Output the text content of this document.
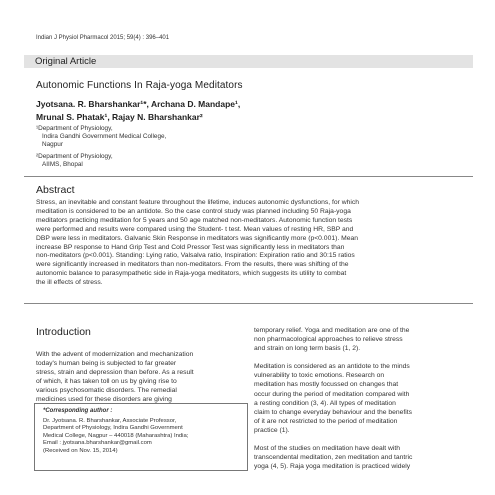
Indian J Physiol Pharmacol 2015; 59(4) : 396–401
Original Article
Autonomic Functions In Raja-yoga Meditators
Jyotsana. R. Bharshankar¹*, Archana D. Mandape¹,
Mrunal S. Phatak¹, Rajay N. Bharshankar²
¹Department of Physiology,
Indira Gandhi Government Medical College,
Nagpur
²Department of Physiology,
AIIMS, Bhopal
Abstract
Stress, an inevitable and constant feature throughout the lifetime, induces autonomic dysfunctions, for which
meditation is considered to be an antidote. So the case control study was planned including 50 Raja-yoga
meditators practicing meditation for 5 years and 50 age matched non-meditators. Autonomic function tests
were performed and results were compared using the Student- t test. Mean values of resting HR, SBP and
DBP were less in meditators. Galvanic Skin Response in meditators was significantly more (p<0.001). Mean
increase BP response to Hand Grip Test and Cold Pressor Test was significantly less in meditators than
non-meditators (p<0.001). Standing: Lying ratio, Valsalva ratio, Inspiration: Expiration ratio and 30:15 ratios
were significantly increased in meditators than non-meditators. From the results, there was shifting of the
autonomic balance to parasympathetic side in Raja-yoga meditators, which suggests its utility to combat
the ill effects of stress.
Introduction
With the advent of modernization and mechanization
today's human being is subjected to far greater
stress, strain and depression than before. As a result
of which, it has taken toll on us by giving rise to
various psychosomatic disorders. The remedial
medicines used for these disorders are giving
*Corresponding author :
Dr. Jyotsana. R. Bharshankar, Associate Professor,
Department of Physiology, Indira Gandhi Government
Medical College, Nagpur – 440018 (Maharashtra) India;
Email : jyotsana.bharshankar@gmail.com
(Received on Nov. 15, 2014)
temporary relief. Yoga and meditation are one of the
non pharmacological approaches to relieve stress
and strain on long term basis (1, 2).
Meditation is considered as an antidote to the minds
vulnerability to toxic emotions. Research on
meditation has mostly focussed on changes that
occur during the period of meditation compared with
a resting condition (3, 4). All types of meditation
claim to change everyday behaviour and the benefits
of it are not restricted to the period of meditation
practice (1).
Most of the studies on meditation have dealt with
transcendental meditation, zen meditation and tantric
yoga (4, 5). Raja yoga meditation is practiced widely
